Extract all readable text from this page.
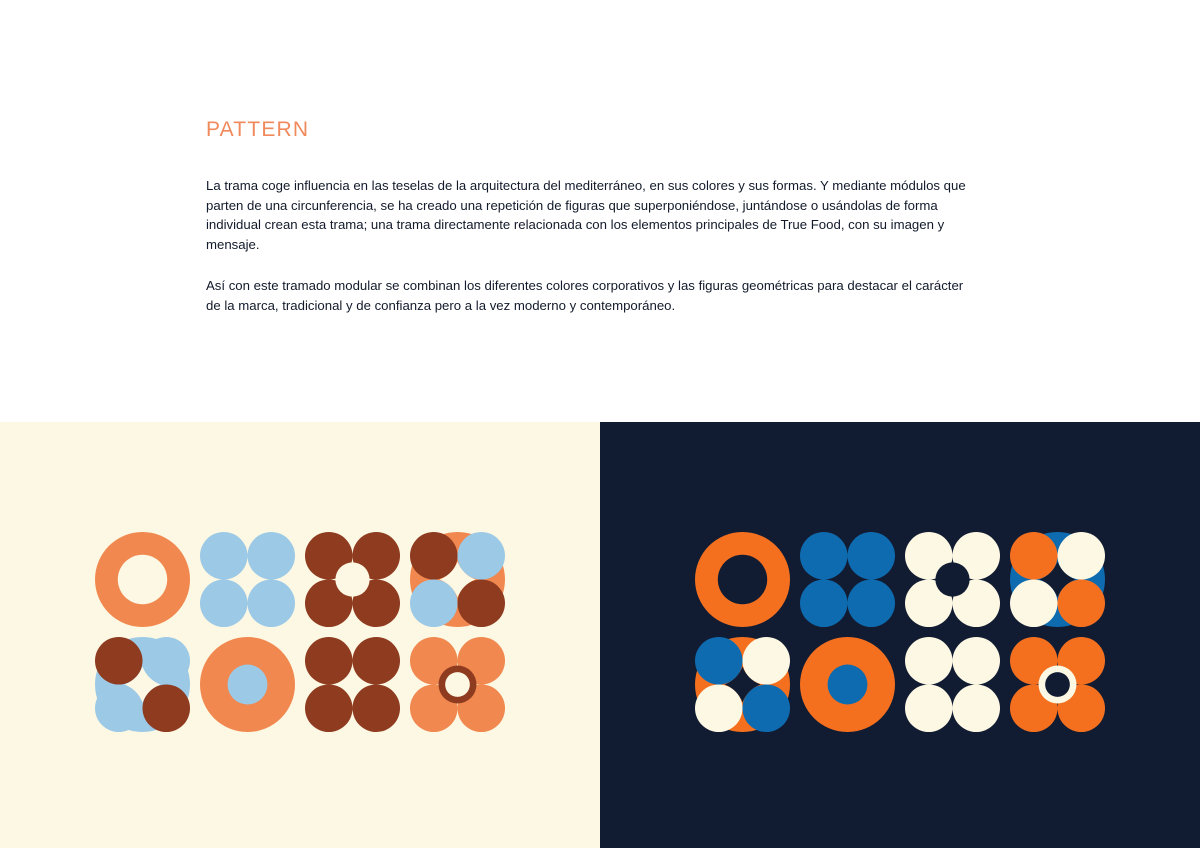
PATTERN

La trama coge influencia en las teselas de la arquitectura del mediterráneo, en sus colores y sus formas. Y mediante módulos que parten de una circunferencia, se ha creado una repetición de figuras que superponiéndose, juntándose o usándolas de forma individual crean esta trama; una trama directamente relacionada con los elementos principales de True Food, con su imagen y mensaje.

Así con este tramado modular se combinan los diferentes colores corporativos y las figuras geométricas para destacar el carácter de la marca, tradicional y de confianza pero a la vez moderno y contemporáneo.
